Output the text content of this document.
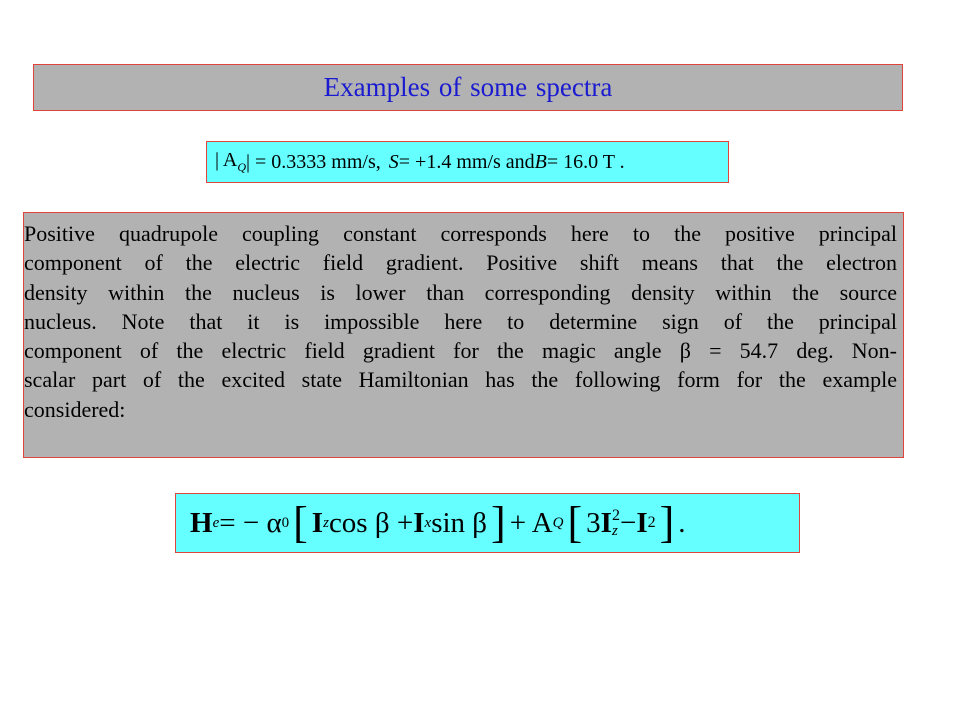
Examples of some spectra
| $A_Q$ | = 0.3333 mm/s, S = +1.4 mm/s and B = 16.0 T .
Positive quadrupole coupling constant corresponds here to the positive principal
component of the electric field gradient. Positive shift means that the electron
density within the nucleus is lower than corresponding density within the source
nucleus. Note that it is impossible here to determine sign of the principal
component of the electric field gradient for the magic angle β = 54.7 deg. Non-
scalar part of the excited state Hamiltonian has the following form for the example
considered:
H e = − α 0 [ I z cos β + I x sin β ] + A Q [ 3 I 2
z − I 2 ] .
